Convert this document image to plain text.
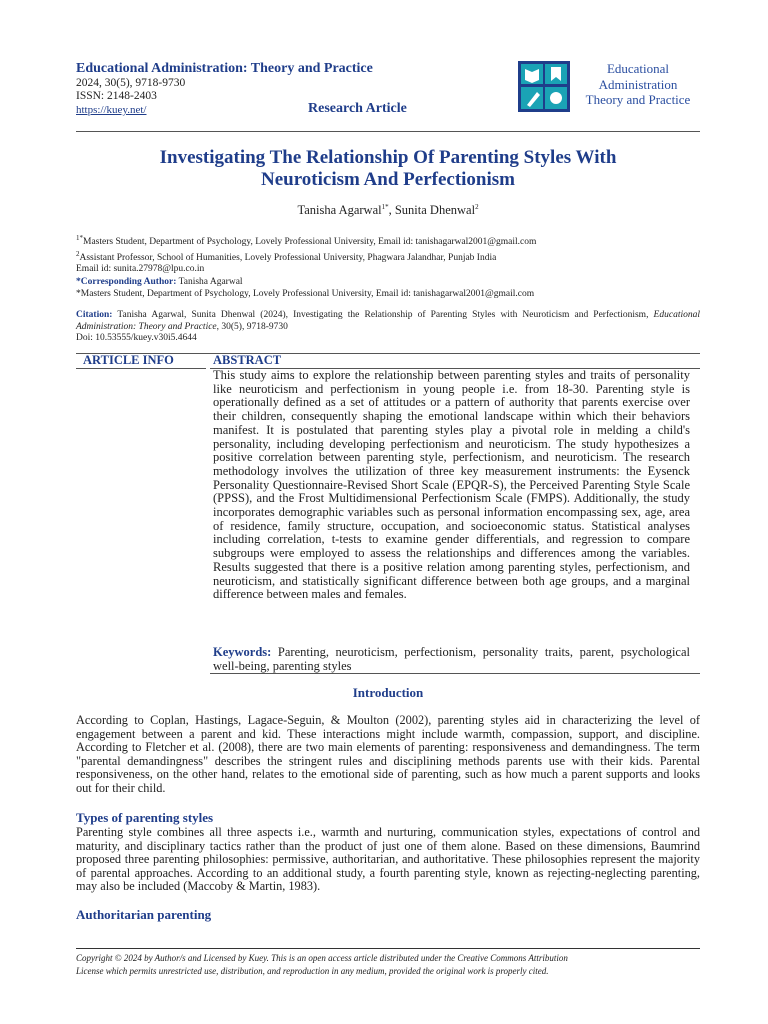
Educational Administration: Theory and Practice
2024, 30(5), 9718-9730
ISSN: 2148-2403
https://kuey.net/	Research Article
Educational
Administration
Theory and Practice
Investigating The Relationship Of Parenting Styles With
Neuroticism And Perfectionism
Tanisha Agarwal$^{1*}$, Sunita Dhenwal$^2$
$^{1*}$Masters Student, Department of Psychology, Lovely Professional University, Email id: tanishagarwal2001@gmail.com
$^2$Assistant Professor, School of Humanities, Lovely Professional University, Phagwara Jalandhar, Punjab India
Email id: sunita.27978@lpu.co.in
*Corresponding Author: Tanisha Agarwal
*Masters Student, Department of Psychology, Lovely Professional University, Email id: tanishagarwal2001@gmail.com
Citation: Tanisha Agarwal, Sunita Dhenwal (2024), Investigating the Relationship of Parenting Styles with Neuroticism and Perfectionism, Educational Administration: Theory and Practice, 30(5), 9718-9730
Doi: 10.53555/kuey.v30i5.4644
ARTICLE INFO	ABSTRACT
This study aims to explore the relationship between parenting styles and traits of personality like neuroticism and perfectionism in young people i.e. from 18-30. Parenting style is operationally defined as a set of attitudes or a pattern of authority that parents exercise over their children, consequently shaping the emotional landscape within which their behaviors manifest. It is postulated that parenting styles play a pivotal role in melding a child's personality, including developing perfectionism and neuroticism. The study hypothesizes a positive correlation between parenting style, perfectionism, and neuroticism. The research methodology involves the utilization of three key measurement instruments: the Eysenck Personality Questionnaire-Revised Short Scale (EPQR-S), the Perceived Parenting Style Scale (PPSS), and the Frost Multidimensional Perfectionism Scale (FMPS). Additionally, the study incorporates demographic variables such as personal information encompassing sex, age, area of residence, family structure, occupation, and socioeconomic status. Statistical analyses including correlation, t-tests to examine gender differentials, and regression to compare subgroups were employed to assess the relationships and differences among the variables. Results suggested that there is a positive relation among parenting styles, perfectionism, and neuroticism, and statistically significant difference between both age groups, and a marginal difference between males and females.
Keywords: Parenting, neuroticism, perfectionism, personality traits, parent, psychological well-being, parenting styles
Introduction
According to Coplan, Hastings, Lagace-Seguin, & Moulton (2002), parenting styles aid in characterizing the level of engagement between a parent and kid. These interactions might include warmth, compassion, support, and discipline. According to Fletcher et al. (2008), there are two main elements of parenting: responsiveness and demandingness. The term "parental demandingness" describes the stringent rules and disciplining methods parents use with their kids. Parental responsiveness, on the other hand, relates to the emotional side of parenting, such as how much a parent supports and looks out for their child.
Types of parenting styles
Parenting style combines all three aspects i.e., warmth and nurturing, communication styles, expectations of control and maturity, and disciplinary tactics rather than the product of just one of them alone. Based on these dimensions, Baumrind proposed three parenting philosophies: permissive, authoritarian, and authoritative. These philosophies represent the majority of parental approaches. According to an additional study, a fourth parenting style, known as rejecting-neglecting parenting, may also be included (Maccoby & Martin, 1983).
Authoritarian parenting
Copyright © 2024 by Author/s and Licensed by Kuey. This is an open access article distributed under the Creative Commons Attribution
License which permits unrestricted use, distribution, and reproduction in any medium, provided the original work is properly cited.
